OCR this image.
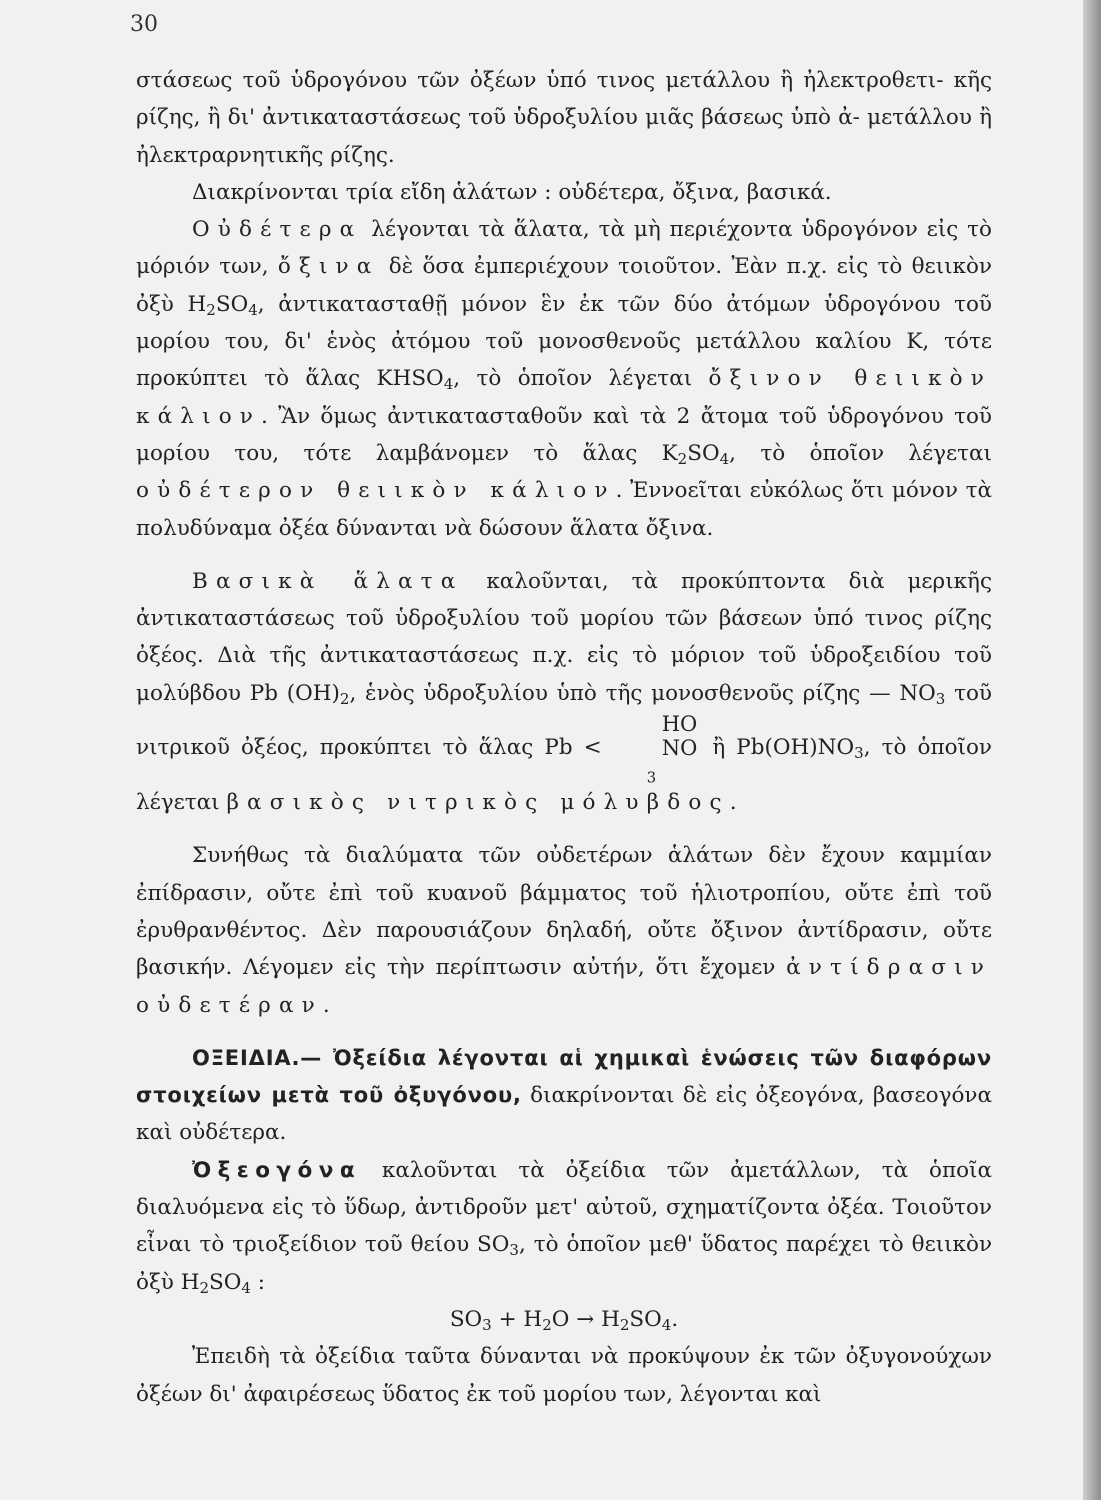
30

στάσεως τοῦ ὑδρογόνου τῶν ὀξέων ὑπό τινος μετάλλου ἢ ἠλεκτροθετι- κῆς ρίζης, ἢ δι' ἀντικαταστάσεως τοῦ ὑδροξυλίου μιᾶς βάσεως ὑπὸ ἀ- μετάλλου ἢ ἠλεκτραρνητικῆς ρίζης.

Διακρίνονται τρία εἴδη ἁλάτων : οὐδέτερα, ὄξινα, βασικά.

Οὐδέτερα λέγονται τὰ ἅλατα, τὰ μὴ περιέχοντα ὑδρογόνον εἰς τὸ μόριόν των, ὄξινα δὲ ὅσα ἐμπεριέχουν τοιοῦτον. Ἐὰν π.χ. εἰς τὸ θειικὸν ὀξὺ $H_2SO_4$, ἀντικατασταθῇ μόνον ἓν ἐκ τῶν δύο ἀτόμων ὑδρογόνου τοῦ μορίου του, δι' ἑνὸς ἀτόμου τοῦ μονοσθενοῦς μετάλλου καλίου K, τότε προκύπτει τὸ ἅλας $KHSO_4$, τὸ ὁποῖον λέγεται ὄξινον θειικὸν κάλιον. Ἂν ὅμως ἀντικατασταθοῦν καὶ τὰ 2 ἄτομα τοῦ ὑδρογόνου τοῦ μορίου του, τότε λαμβάνομεν τὸ ἅλας $K_2SO_4$, τὸ ὁποῖον λέγεται οὐδέτερον θειικὸν κάλιον. Ἐννοεῖται εὐκόλως ὅτι μόνον τὰ πολυδύναμα ὀξέα δύνανται νὰ δώσουν ἅλατα ὄξινα.

Βασικὰ ἅλατα καλοῦνται, τὰ προκύπτοντα διὰ μερικῆς ἀντικαταστάσεως τοῦ ὑδροξυλίου τοῦ μορίου τῶν βάσεων ὑπό τινος ρίζης ὀξέος. Διὰ τῆς ἀντικαταστάσεως π.χ. εἰς τὸ μόριον τοῦ ὑδροξειδίου τοῦ μολύβδου Pb $(OH)_2$, ἑνὸς ὑδροξυλίου ὑπὸ τῆς μονοσθενοῦς ρίζης — $NO_3$ τοῦ νιτρικοῦ ὀξέος, προκύπτει τὸ ἅλας Pb <
HO
NO
$_3$
ἢ $Pb(OH)NO_3$, τὸ ὁποῖον λέγεται βασικὸς νιτρικὸς μόλυβδος.

Συνήθως τὰ διαλύματα τῶν οὐδετέρων ἁλάτων δὲν ἔχουν καμμίαν ἐπίδρασιν, οὔτε ἐπὶ τοῦ κυανοῦ βάμματος τοῦ ἡλιοτροπίου, οὔτε ἐπὶ τοῦ ἐρυθρανθέντος. Δὲν παρουσιάζουν δηλαδή, οὔτε ὄξινον ἀντίδρασιν, οὔτε βασικήν. Λέγομεν εἰς τὴν περίπτωσιν αὐτήν, ὅτι ἔχομεν ἀντίδρασιν οὐδετέραν.

ΟΞΕΙΔΙΑ.— Ὀξείδια λέγονται αἱ χημικαὶ ἑνώσεις τῶν διαφόρων στοιχείων μετὰ τοῦ ὀξυγόνου, διακρίνονται δὲ εἰς ὀξεογόνα, βασεογόνα καὶ οὐδέτερα.

Ὀξεογόνα καλοῦνται τὰ ὀξείδια τῶν ἀμετάλλων, τὰ ὁποῖα διαλυόμενα εἰς τὸ ὕδωρ, ἀντιδροῦν μετ' αὐτοῦ, σχηματίζοντα ὀξέα. Τοιοῦτον εἶναι τὸ τριοξείδιον τοῦ θείου $SO_3$, τὸ ὁποῖον μεθ' ὕδατος παρέχει τὸ θειικὸν ὀξὺ $H_2SO_4$ :

$SO_3 + H_2O \to H_2SO_4$.

Ἐπειδὴ τὰ ὀξείδια ταῦτα δύνανται νὰ προκύψουν ἐκ τῶν ὀξυγονούχων ὀξέων δι' ἀφαιρέσεως ὕδατος ἐκ τοῦ μορίου των, λέγονται καὶ
